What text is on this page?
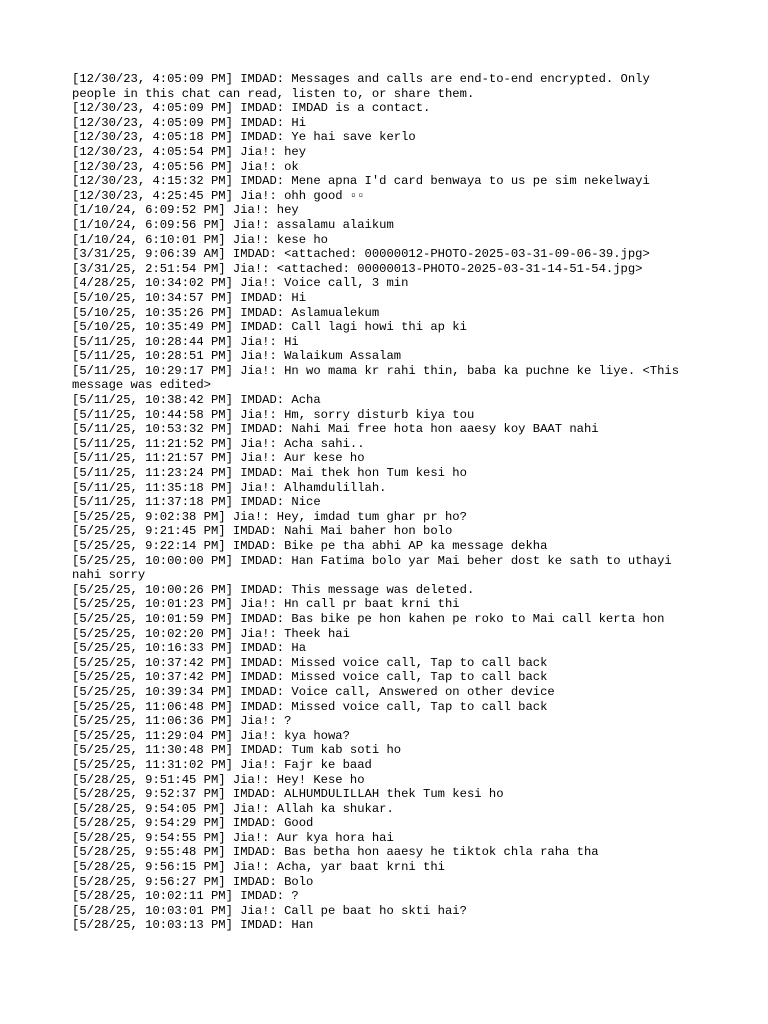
[12/30/23, 4:05:09 PM] IMDAD: Messages and calls are end-to-end encrypted. Only people in this chat can read, listen to, or share them.
[12/30/23, 4:05:09 PM] IMDAD: IMDAD is a contact.
[12/30/23, 4:05:09 PM] IMDAD: Hi
[12/30/23, 4:05:18 PM] IMDAD: Ye hai save kerlo
[12/30/23, 4:05:54 PM] Jia!: hey
[12/30/23, 4:05:56 PM] Jia!: ok
[12/30/23, 4:15:32 PM] IMDAD: Mene apna I'd card benwaya to us pe sim nekelwayi
[12/30/23, 4:25:45 PM] Jia!: ohh good ▫▫
[1/10/24, 6:09:52 PM] Jia!: hey
[1/10/24, 6:09:56 PM] Jia!: assalamu alaikum
[1/10/24, 6:10:01 PM] Jia!: kese ho
[3/31/25, 9:06:39 AM] IMDAD: <attached: 00000012-PHOTO-2025-03-31-09-06-39.jpg>
[3/31/25, 2:51:54 PM] Jia!: <attached: 00000013-PHOTO-2025-03-31-14-51-54.jpg>
[4/28/25, 10:34:02 PM] Jia!: Voice call, 3 min
[5/10/25, 10:34:57 PM] IMDAD: Hi
[5/10/25, 10:35:26 PM] IMDAD: Aslamualekum
[5/10/25, 10:35:49 PM] IMDAD: Call lagi howi thi ap ki
[5/11/25, 10:28:44 PM] Jia!: Hi
[5/11/25, 10:28:51 PM] Jia!: Walaikum Assalam
[5/11/25, 10:29:17 PM] Jia!: Hn wo mama kr rahi thin, baba ka puchne ke liye. <This message was edited>
[5/11/25, 10:38:42 PM] IMDAD: Acha
[5/11/25, 10:44:58 PM] Jia!: Hm, sorry disturb kiya tou
[5/11/25, 10:53:32 PM] IMDAD: Nahi Mai free hota hon aaesy koy BAAT nahi
[5/11/25, 11:21:52 PM] Jia!: Acha sahi..
[5/11/25, 11:21:57 PM] Jia!: Aur kese ho
[5/11/25, 11:23:24 PM] IMDAD: Mai thek hon Tum kesi ho
[5/11/25, 11:35:18 PM] Jia!: Alhamdulillah.
[5/11/25, 11:37:18 PM] IMDAD: Nice
[5/25/25, 9:02:38 PM] Jia!: Hey, imdad tum ghar pr ho?
[5/25/25, 9:21:45 PM] IMDAD: Nahi Mai baher hon bolo
[5/25/25, 9:22:14 PM] IMDAD: Bike pe tha abhi AP ka message dekha
[5/25/25, 10:00:00 PM] IMDAD: Han Fatima bolo yar Mai beher dost ke sath to uthayi nahi sorry
[5/25/25, 10:00:26 PM] IMDAD: This message was deleted.
[5/25/25, 10:01:23 PM] Jia!: Hn call pr baat krni thi
[5/25/25, 10:01:59 PM] IMDAD: Bas bike pe hon kahen pe roko to Mai call kerta hon
[5/25/25, 10:02:20 PM] Jia!: Theek hai
[5/25/25, 10:16:33 PM] IMDAD: Ha
[5/25/25, 10:37:42 PM] IMDAD: Missed voice call, Tap to call back
[5/25/25, 10:37:42 PM] IMDAD: Missed voice call, Tap to call back
[5/25/25, 10:39:34 PM] IMDAD: Voice call, Answered on other device
[5/25/25, 11:06:48 PM] IMDAD: Missed voice call, Tap to call back
[5/25/25, 11:06:36 PM] Jia!: ?
[5/25/25, 11:29:04 PM] Jia!: kya howa?
[5/25/25, 11:30:48 PM] IMDAD: Tum kab soti ho
[5/25/25, 11:31:02 PM] Jia!: Fajr ke baad
[5/28/25, 9:51:45 PM] Jia!: Hey! Kese ho
[5/28/25, 9:52:37 PM] IMDAD: ALHUMDULILLAH thek Tum kesi ho
[5/28/25, 9:54:05 PM] Jia!: Allah ka shukar.
[5/28/25, 9:54:29 PM] IMDAD: Good
[5/28/25, 9:54:55 PM] Jia!: Aur kya hora hai
[5/28/25, 9:55:48 PM] IMDAD: Bas betha hon aaesy he tiktok chla raha tha
[5/28/25, 9:56:15 PM] Jia!: Acha, yar baat krni thi
[5/28/25, 9:56:27 PM] IMDAD: Bolo
[5/28/25, 10:02:11 PM] IMDAD: ?
[5/28/25, 10:03:01 PM] Jia!: Call pe baat ho skti hai?
[5/28/25, 10:03:13 PM] IMDAD: Han
